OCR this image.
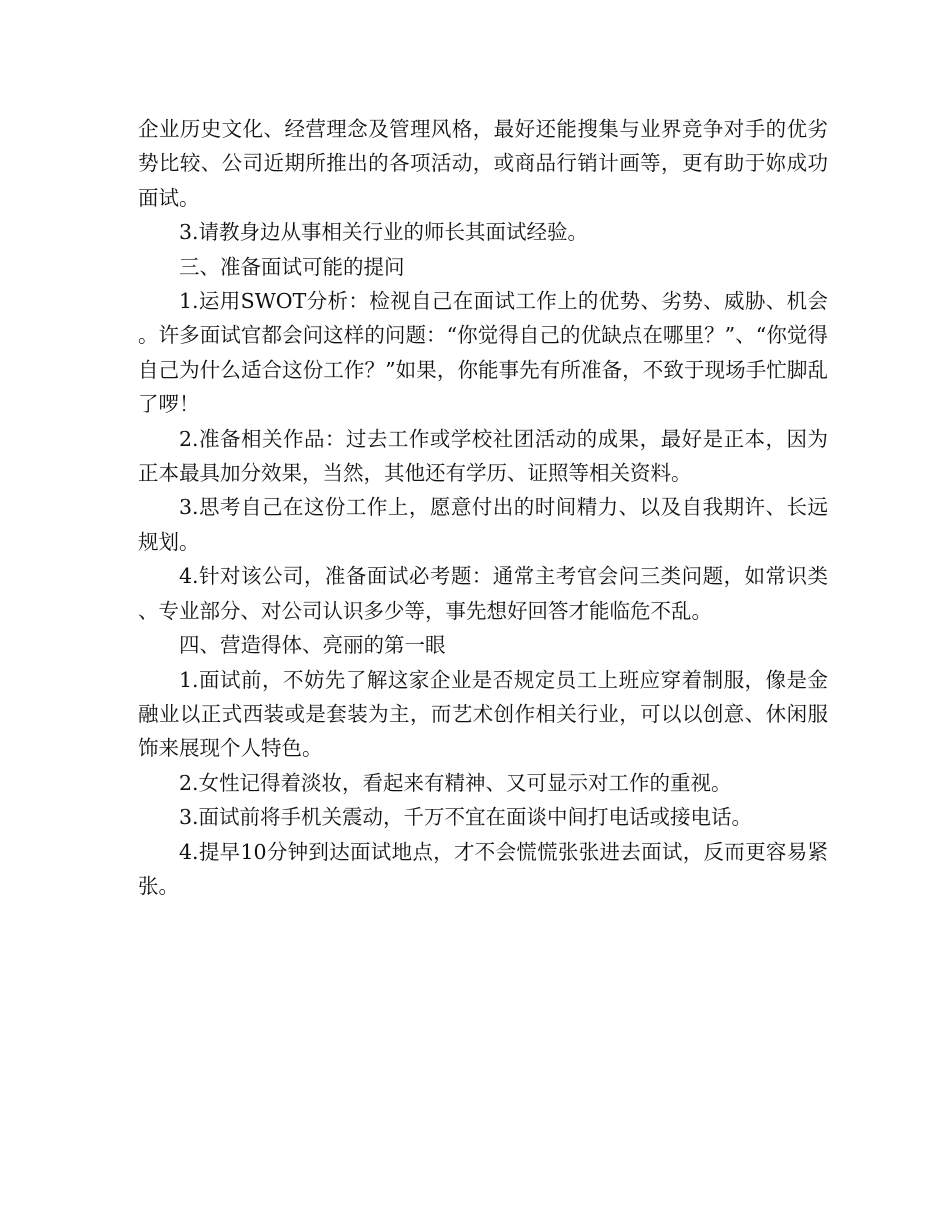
企业历史文化、经营理念及管理风格，最好还能搜集与业界竞争对手的优劣势比较、公司近期所推出的各项活动，或商品行销计画等，更有助于妳成功面试。

3.请教身边从事相关行业的师长其面试经验。

三、准备面试可能的提问

1.运用SWOT分析：检视自己在面试工作上的优势、劣势、威胁、机会。许多面试官都会问这样的问题：“你觉得自己的优缺点在哪里？”、“你觉得自己为什么适合这份工作？”如果，你能事先有所准备，不致于现场手忙脚乱了啰！

2.准备相关作品：过去工作或学校社团活动的成果，最好是正本，因为正本最具加分效果，当然，其他还有学历、证照等相关资料。

3.思考自己在这份工作上，愿意付出的时间精力、以及自我期许、长远规划。

4.针对该公司，准备面试必考题：通常主考官会问三类问题，如常识类、专业部分、对公司认识多少等，事先想好回答才能临危不乱。

四、营造得体、亮丽的第一眼

1.面试前，不妨先了解这家企业是否规定员工上班应穿着制服，像是金融业以正式西装或是套装为主，而艺术创作相关行业，可以以创意、休闲服饰来展现个人特色。

2.女性记得着淡妆，看起来有精神、又可显示对工作的重视。

3.面试前将手机关震动，千万不宜在面谈中间打电话或接电话。

4.提早10分钟到达面试地点，才不会慌慌张张进去面试，反而更容易紧张。
